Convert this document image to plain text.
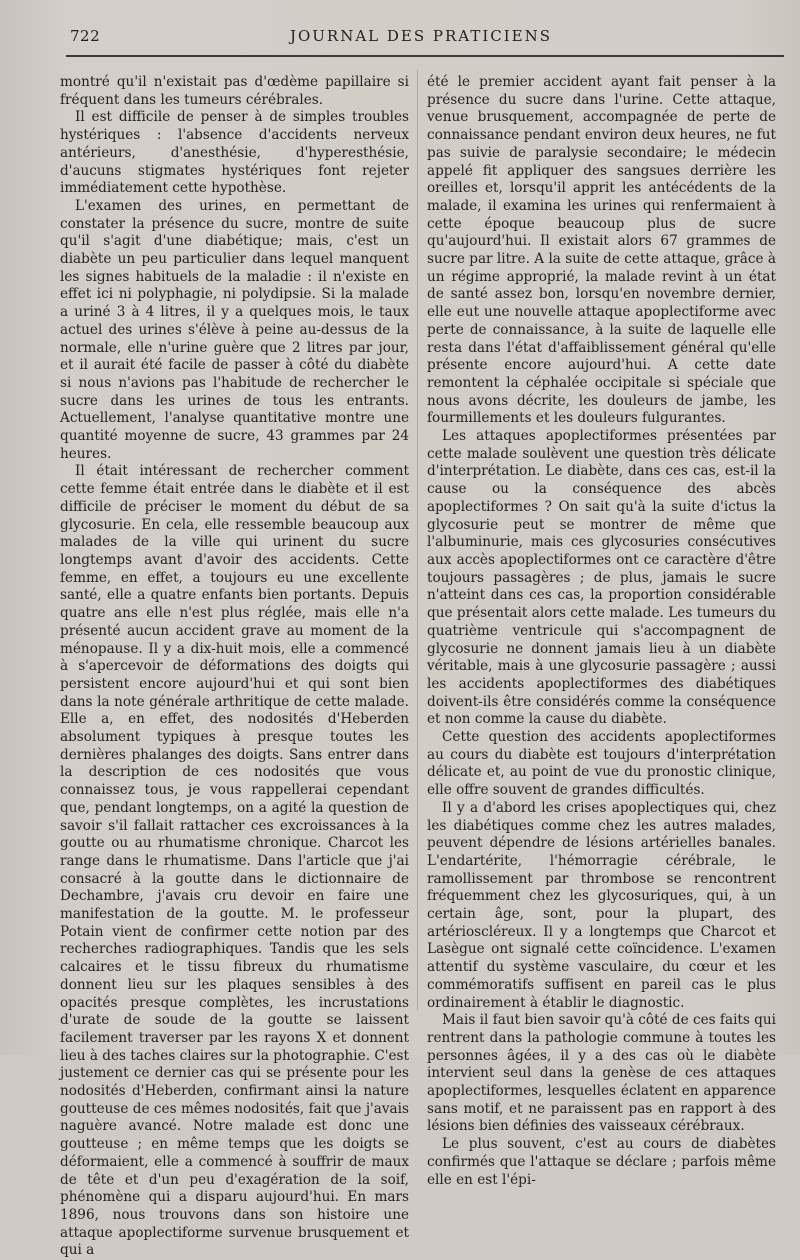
722	JOURNAL DES PRATICIENS

montré qu'il n'existait pas d'œdème papillaire si fréquent dans les tumeurs cérébrales.

Il est difficile de penser à de simples troubles hystériques : l'absence d'accidents nerveux antérieurs, d'anesthésie, d'hyperesthésie, d'aucuns stigmates hystériques font rejeter immédiatement cette hypothèse.

L'examen des urines, en permettant de constater la présence du sucre, montre de suite qu'il s'agit d'une diabétique; mais, c'est un diabète un peu particulier dans lequel manquent les signes habituels de la maladie : il n'existe en effet ici ni polyphagie, ni polydipsie. Si la malade a uriné 3 à 4 litres, il y a quelques mois, le taux actuel des urines s'élève à peine au-dessus de la normale, elle n'urine guère que 2 litres par jour, et il aurait été facile de passer à côté du diabète si nous n'avions pas l'habitude de rechercher le sucre dans les urines de tous les entrants. Actuellement, l'analyse quantitative montre une quantité moyenne de sucre, 43 grammes par 24 heures.

Il était intéressant de rechercher comment cette femme était entrée dans le diabète et il est difficile de préciser le moment du début de sa glycosurie. En cela, elle ressemble beaucoup aux malades de la ville qui urinent du sucre longtemps avant d'avoir des accidents. Cette femme, en effet, a toujours eu une excellente santé, elle a quatre enfants bien portants. Depuis quatre ans elle n'est plus réglée, mais elle n'a présenté aucun accident grave au moment de la ménopause. Il y a dix-huit mois, elle a commencé à s'apercevoir de déformations des doigts qui persistent encore aujourd'hui et qui sont bien dans la note générale arthritique de cette malade. Elle a, en effet, des nodosités d'Heberden absolument typiques à presque toutes les dernières phalanges des doigts. Sans entrer dans la description de ces nodosités que vous connaissez tous, je vous rappellerai cependant que, pendant longtemps, on a agité la question de savoir s'il fallait rattacher ces excroissances à la goutte ou au rhumatisme chronique. Charcot les range dans le rhumatisme. Dans l'article que j'ai consacré à la goutte dans le dictionnaire de Dechambre, j'avais cru devoir en faire une manifestation de la goutte. M. le professeur Potain vient de confirmer cette notion par des recherches radiographiques. Tandis que les sels calcaires et le tissu fibreux du rhumatisme donnent lieu sur les plaques sensibles à des opacités presque complètes, les incrustations d'urate de soude de la goutte se laissent facilement traverser par les rayons X et donnent lieu à des taches claires sur la photographie. C'est justement ce dernier cas qui se présente pour les nodosités d'Heberden, confirmant ainsi la nature goutteuse de ces mêmes nodosités, fait que j'avais naguère avancé. Notre malade est donc une goutteuse ; en même temps que les doigts se déformaient, elle a commencé à souffrir de maux de tête et d'un peu d'exagération de la soif, phénomène qui a disparu aujourd'hui. En mars 1896, nous trouvons dans son histoire une attaque apoplectiforme survenue brusquement et qui a

été le premier accident ayant fait penser à la présence du sucre dans l'urine. Cette attaque, venue brusquement, accompagnée de perte de connaissance pendant environ deux heures, ne fut pas suivie de paralysie secondaire; le médecin appelé fit appliquer des sangsues derrière les oreilles et, lorsqu'il apprit les antécédents de la malade, il examina les urines qui renfermaient à cette époque beaucoup plus de sucre qu'aujourd'hui. Il existait alors 67 grammes de sucre par litre. A la suite de cette attaque, grâce à un régime approprié, la malade revint à un état de santé assez bon, lorsqu'en novembre dernier, elle eut une nouvelle attaque apoplectiforme avec perte de connaissance, à la suite de laquelle elle resta dans l'état d'affaiblissement général qu'elle présente encore aujourd'hui. A cette date remontent la céphalée occipitale si spéciale que nous avons décrite, les douleurs de jambe, les fourmillements et les douleurs fulgurantes.

Les attaques apoplectiformes présentées par cette malade soulèvent une question très délicate d'interprétation. Le diabète, dans ces cas, est-il la cause ou la conséquence des abcès apoplectiformes ? On sait qu'à la suite d'ictus la glycosurie peut se montrer de même que l'albuminurie, mais ces glycosuries consécutives aux accès apoplectiformes ont ce caractère d'être toujours passagères ; de plus, jamais le sucre n'atteint dans ces cas, la proportion considérable que présentait alors cette malade. Les tumeurs du quatrième ventricule qui s'accompagnent de glycosurie ne donnent jamais lieu à un diabète véritable, mais à une glycosurie passagère ; aussi les accidents apoplectiformes des diabétiques doivent-ils être considérés comme la conséquence et non comme la cause du diabète.

Cette question des accidents apoplectiformes au cours du diabète est toujours d'interprétation délicate et, au point de vue du pronostic clinique, elle offre souvent de grandes difficultés.

Il y a d'abord les crises apoplectiques qui, chez les diabétiques comme chez les autres malades, peuvent dépendre de lésions artérielles banales. L'endartérite, l'hémorragie cérébrale, le ramollissement par thrombose se rencontrent fréquemment chez les glycosuriques, qui, à un certain âge, sont, pour la plupart, des artérioscléreux. Il y a longtemps que Charcot et Lasègue ont signalé cette coïncidence. L'examen attentif du système vasculaire, du cœur et les commémoratifs suffisent en pareil cas le plus ordinairement à établir le diagnostic.

Mais il faut bien savoir qu'à côté de ces faits qui rentrent dans la pathologie commune à toutes les personnes âgées, il y a des cas où le diabète intervient seul dans la genèse de ces attaques apoplectiformes, lesquelles éclatent en apparence sans motif, et ne paraissent pas en rapport à des lésions bien définies des vaisseaux cérébraux.

Le plus souvent, c'est au cours de diabètes confirmés que l'attaque se déclare ; parfois même elle en est l'épi-
